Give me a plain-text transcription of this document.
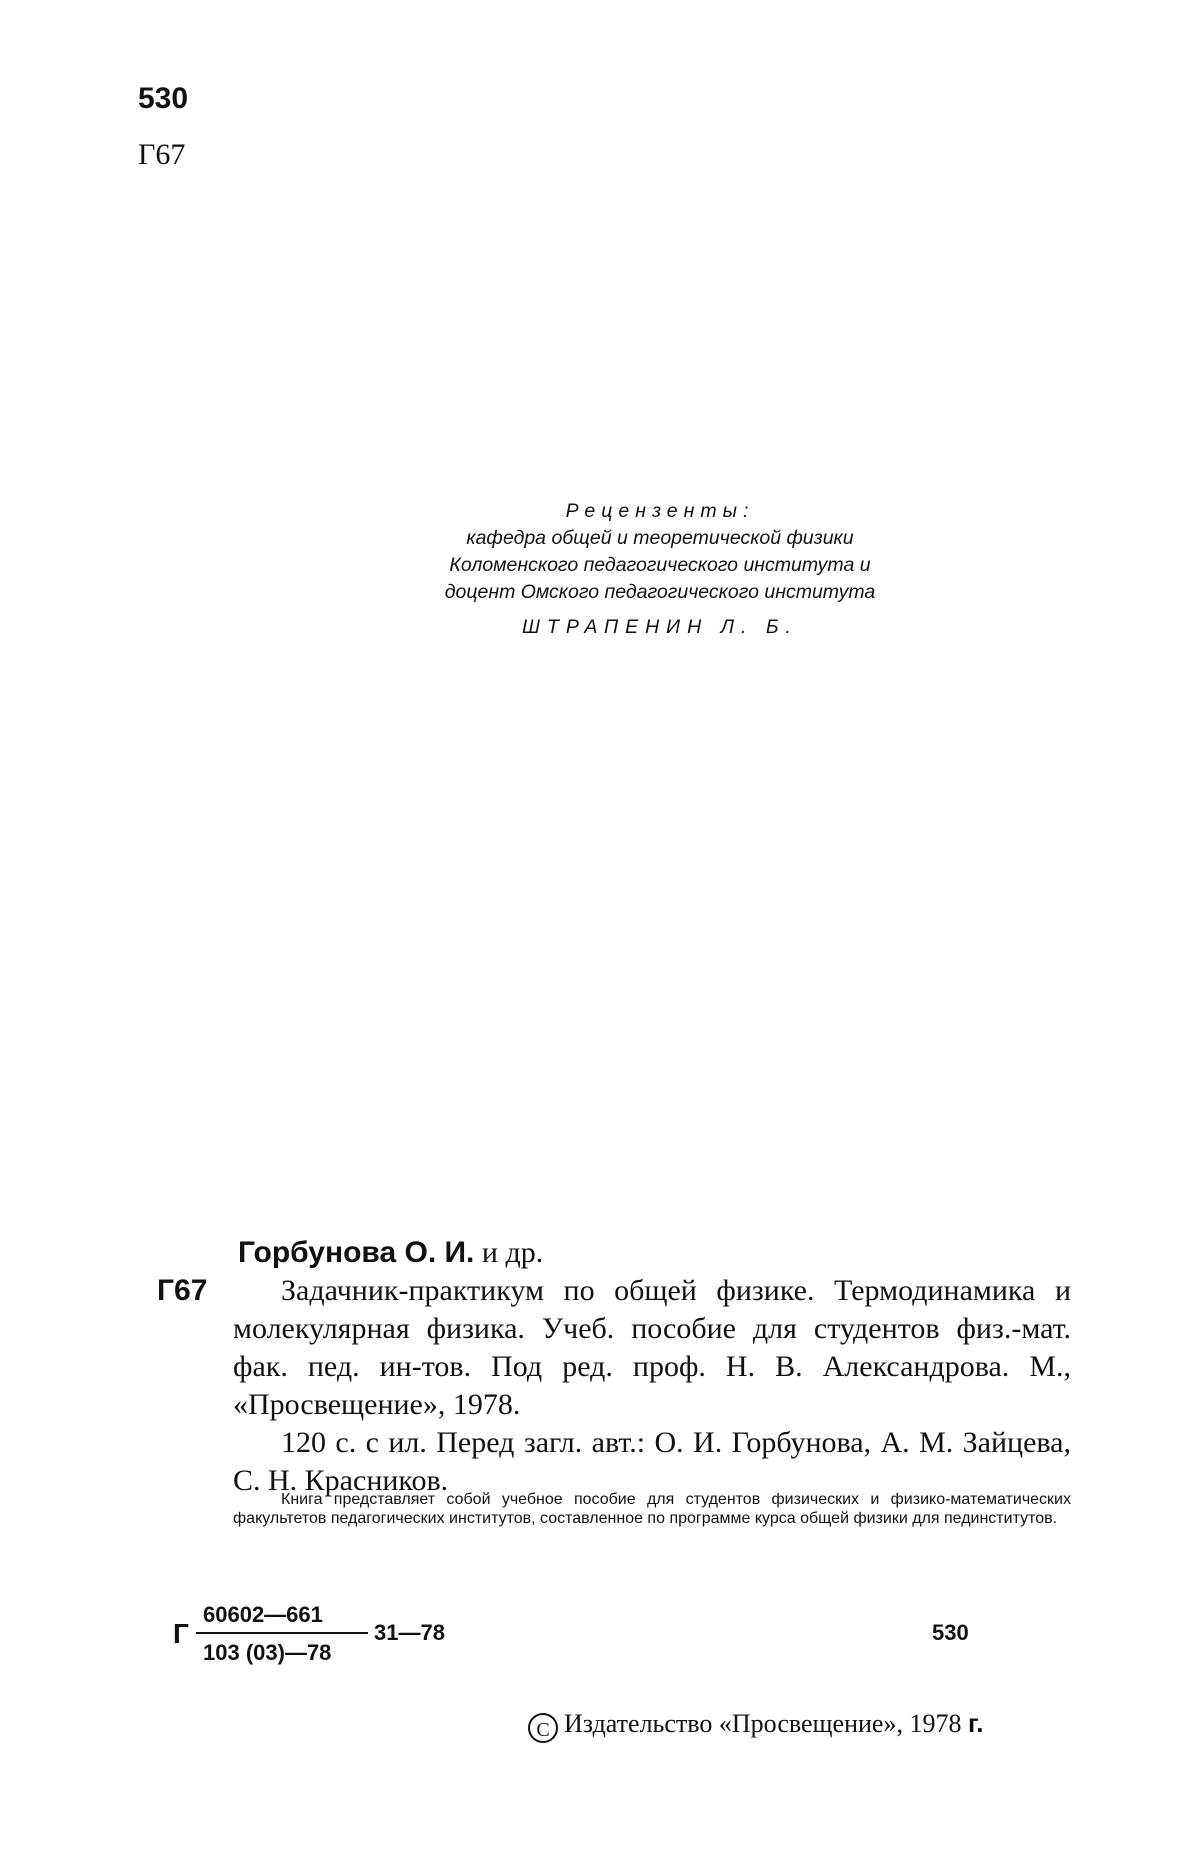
530
Г67
Рецензенты:
кафедра общей и теоретической физики
Коломенского педагогического института и
доцент Омского педагогического института
ШТРАПЕНИН Л. Б.
Горбунова О. И. и др.
Г67	Задачник-практикум по общей физике. Термодинамика и молекулярная физика. Учеб. пособие для студентов физ.-мат. фак. пед. ин-тов. Под ред. проф. Н. В. Александрова. М., «Просвещение», 1978.
120 с. с ил. Перед загл. авт.: О. И. Горбунова, А. М. Зайцева, С. Н. Красников.
Книга представляет собой учебное пособие для студентов физических и физико-математических факультетов педагогических институтов, составленное по программе курса общей физики для пединститутов.
Г
60602—661
103 (03)—78
31—78	530
С Издательство «Просвещение», 1978 г.
